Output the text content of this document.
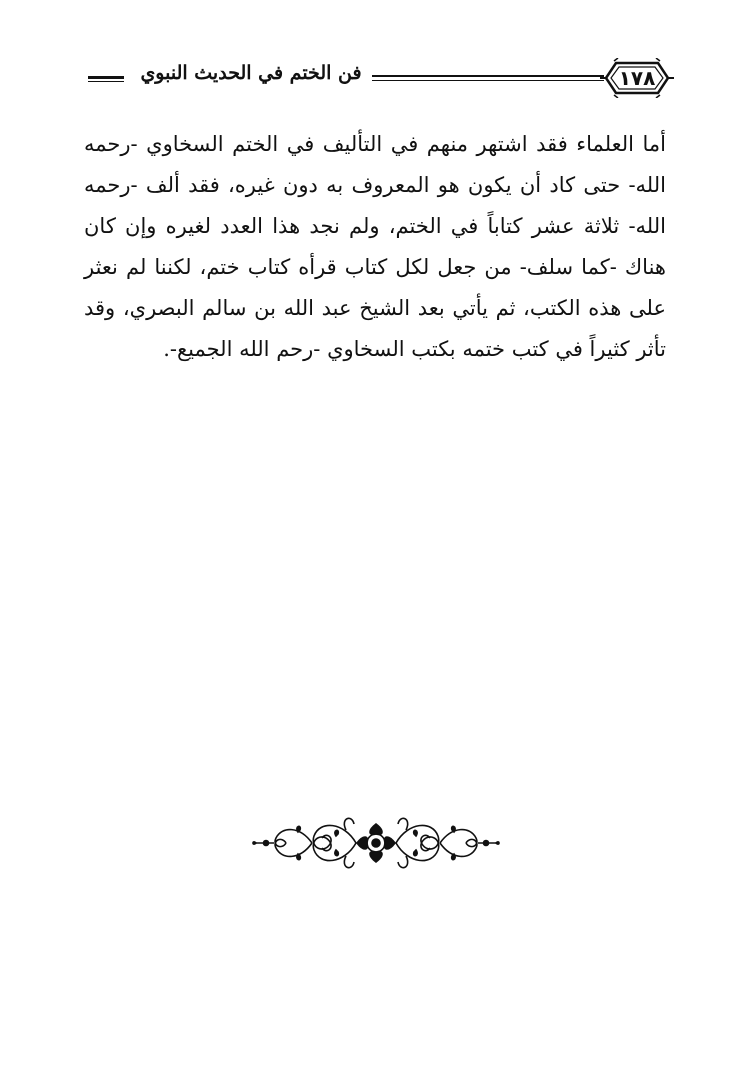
١٧٨
فن الختم في الحديث النبوي

أما العلماء فقد اشتهر منهم في التأليف في الختم السخاوي -رحمه الله- حتى كاد أن يكون هو المعروف به دون غيره، فقد ألف -رحمه الله- ثلاثة عشر كتاباً في الختم، ولم نجد هذا العدد لغيره وإن كان هناك -كما سلف- من جعل لكل كتاب قرأه كتاب ختم، لكننا لم نعثر على هذه الكتب، ثم يأتي بعد الشيخ عبد الله بن سالم البصري، وقد تأثر كثيراً في كتب ختمه بكتب السخاوي -رحم الله الجميع-.
